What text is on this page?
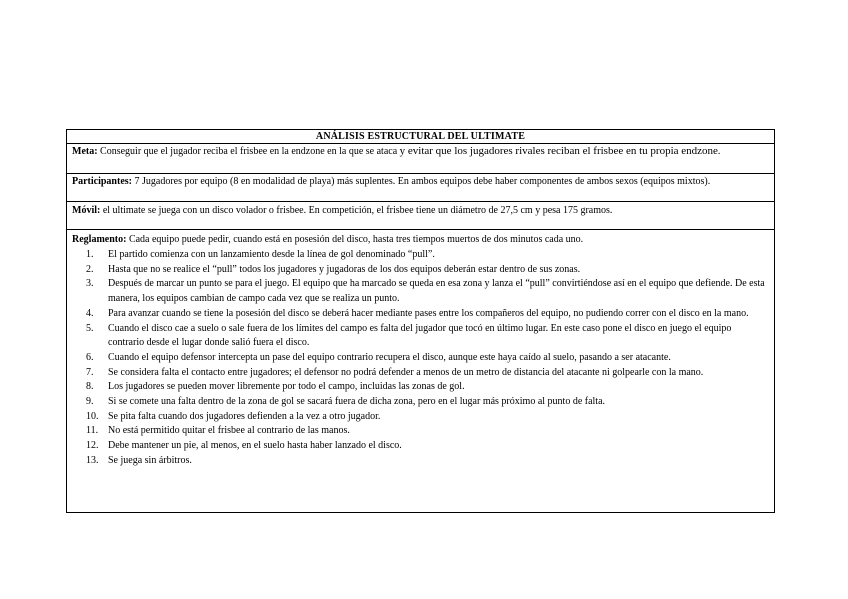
ANÁLISIS ESTRUCTURAL DEL ULTIMATE
Meta: Conseguir que el jugador reciba el frisbee en la endzone en la que se ataca y evitar que los jugadores rivales reciban el frisbee en tu propia endzone.
Participantes: 7 Jugadores por equipo (8 en modalidad de playa) más suplentes. En ambos equipos debe haber componentes de ambos sexos (equipos mixtos).
Móvil: el ultimate se juega con un disco volador o frisbee. En competición, el frisbee tiene un diámetro de 27,5 cm y pesa 175 gramos.
Reglamento: Cada equipo puede pedir, cuando está en posesión del disco, hasta tres tiempos muertos de dos minutos cada uno.
1.	El partido comienza con un lanzamiento desde la línea de gol denominado “pull”.
2.	Hasta que no se realice el “pull” todos los jugadores y jugadoras de los dos equipos deberán estar dentro de sus zonas.
3.	Después de marcar un punto se para el juego. El equipo que ha marcado se queda en esa zona y lanza el “pull” convirtiéndose así en el equipo que defiende. De esta manera, los equipos cambian de campo cada vez que se realiza un punto.
4.	Para avanzar cuando se tiene la posesión del disco se deberá hacer mediante pases entre los compañeros del equipo, no pudiendo correr con el disco en la mano.
5.	Cuando el disco cae a suelo o sale fuera de los límites del campo es falta del jugador que tocó en último lugar. En este caso pone el disco en juego el equipo contrario desde el lugar donde salió fuera el disco.
6.	Cuando el equipo defensor intercepta un pase del equipo contrario recupera el disco, aunque este haya caído al suelo, pasando a ser atacante.
7.	Se considera falta el contacto entre jugadores; el defensor no podrá defender a menos de un metro de distancia del atacante ni golpearle con la mano.
8.	Los jugadores se pueden mover libremente por todo el campo, incluidas las zonas de gol.
9.	Si se comete una falta dentro de la zona de gol se sacará fuera de dicha zona, pero en el lugar más próximo al punto de falta.
10. Se pita falta cuando dos jugadores defienden a la vez a otro jugador.
11. No está permitido quitar el frisbee al contrario de las manos.
12. Debe mantener un pie, al menos, en el suelo hasta haber lanzado el disco.
13. Se juega sin árbitros.
